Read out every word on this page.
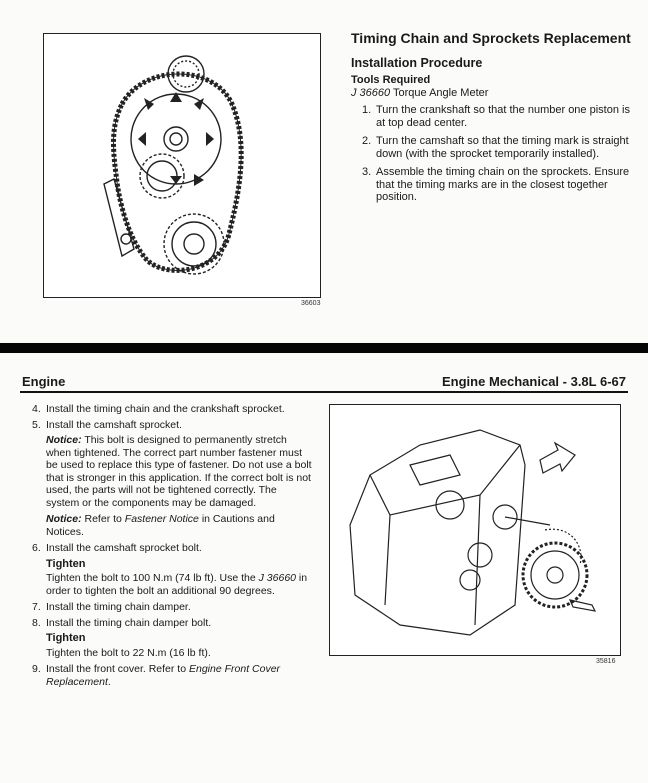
36603
Timing Chain and Sprockets Replacement
Installation Procedure
Tools Required
J 36660 Torque Angle Meter
1. Turn the crankshaft so that the number one piston is at top dead center.
2. Turn the camshaft so that the timing mark is straight down (with the sprocket temporarily installed).
3. Assemble the timing chain on the sprockets. Ensure that the timing marks are in the closest together position.
Engine	Engine Mechanical - 3.8L 6-67
4. Install the timing chain and the crankshaft sprocket.
5. Install the camshaft sprocket.
Notice: This bolt is designed to permanently stretch when tightened. The correct part number fastener must be used to replace this type of fastener. Do not use a bolt that is stronger in this application. If the correct bolt is not used, the parts will not be tightened correctly. The system or the components may be damaged.
Notice: Refer to Fastener Notice in Cautions and Notices.
6. Install the camshaft sprocket bolt.
Tighten
Tighten the bolt to 100 N.m (74 lb ft). Use the J 36660 in order to tighten the bolt an additional 90 degrees.
7. Install the timing chain damper.
8. Install the timing chain damper bolt.
Tighten
Tighten the bolt to 22 N.m (16 lb ft).
9. Install the front cover. Refer to Engine Front Cover Replacement.
35816
